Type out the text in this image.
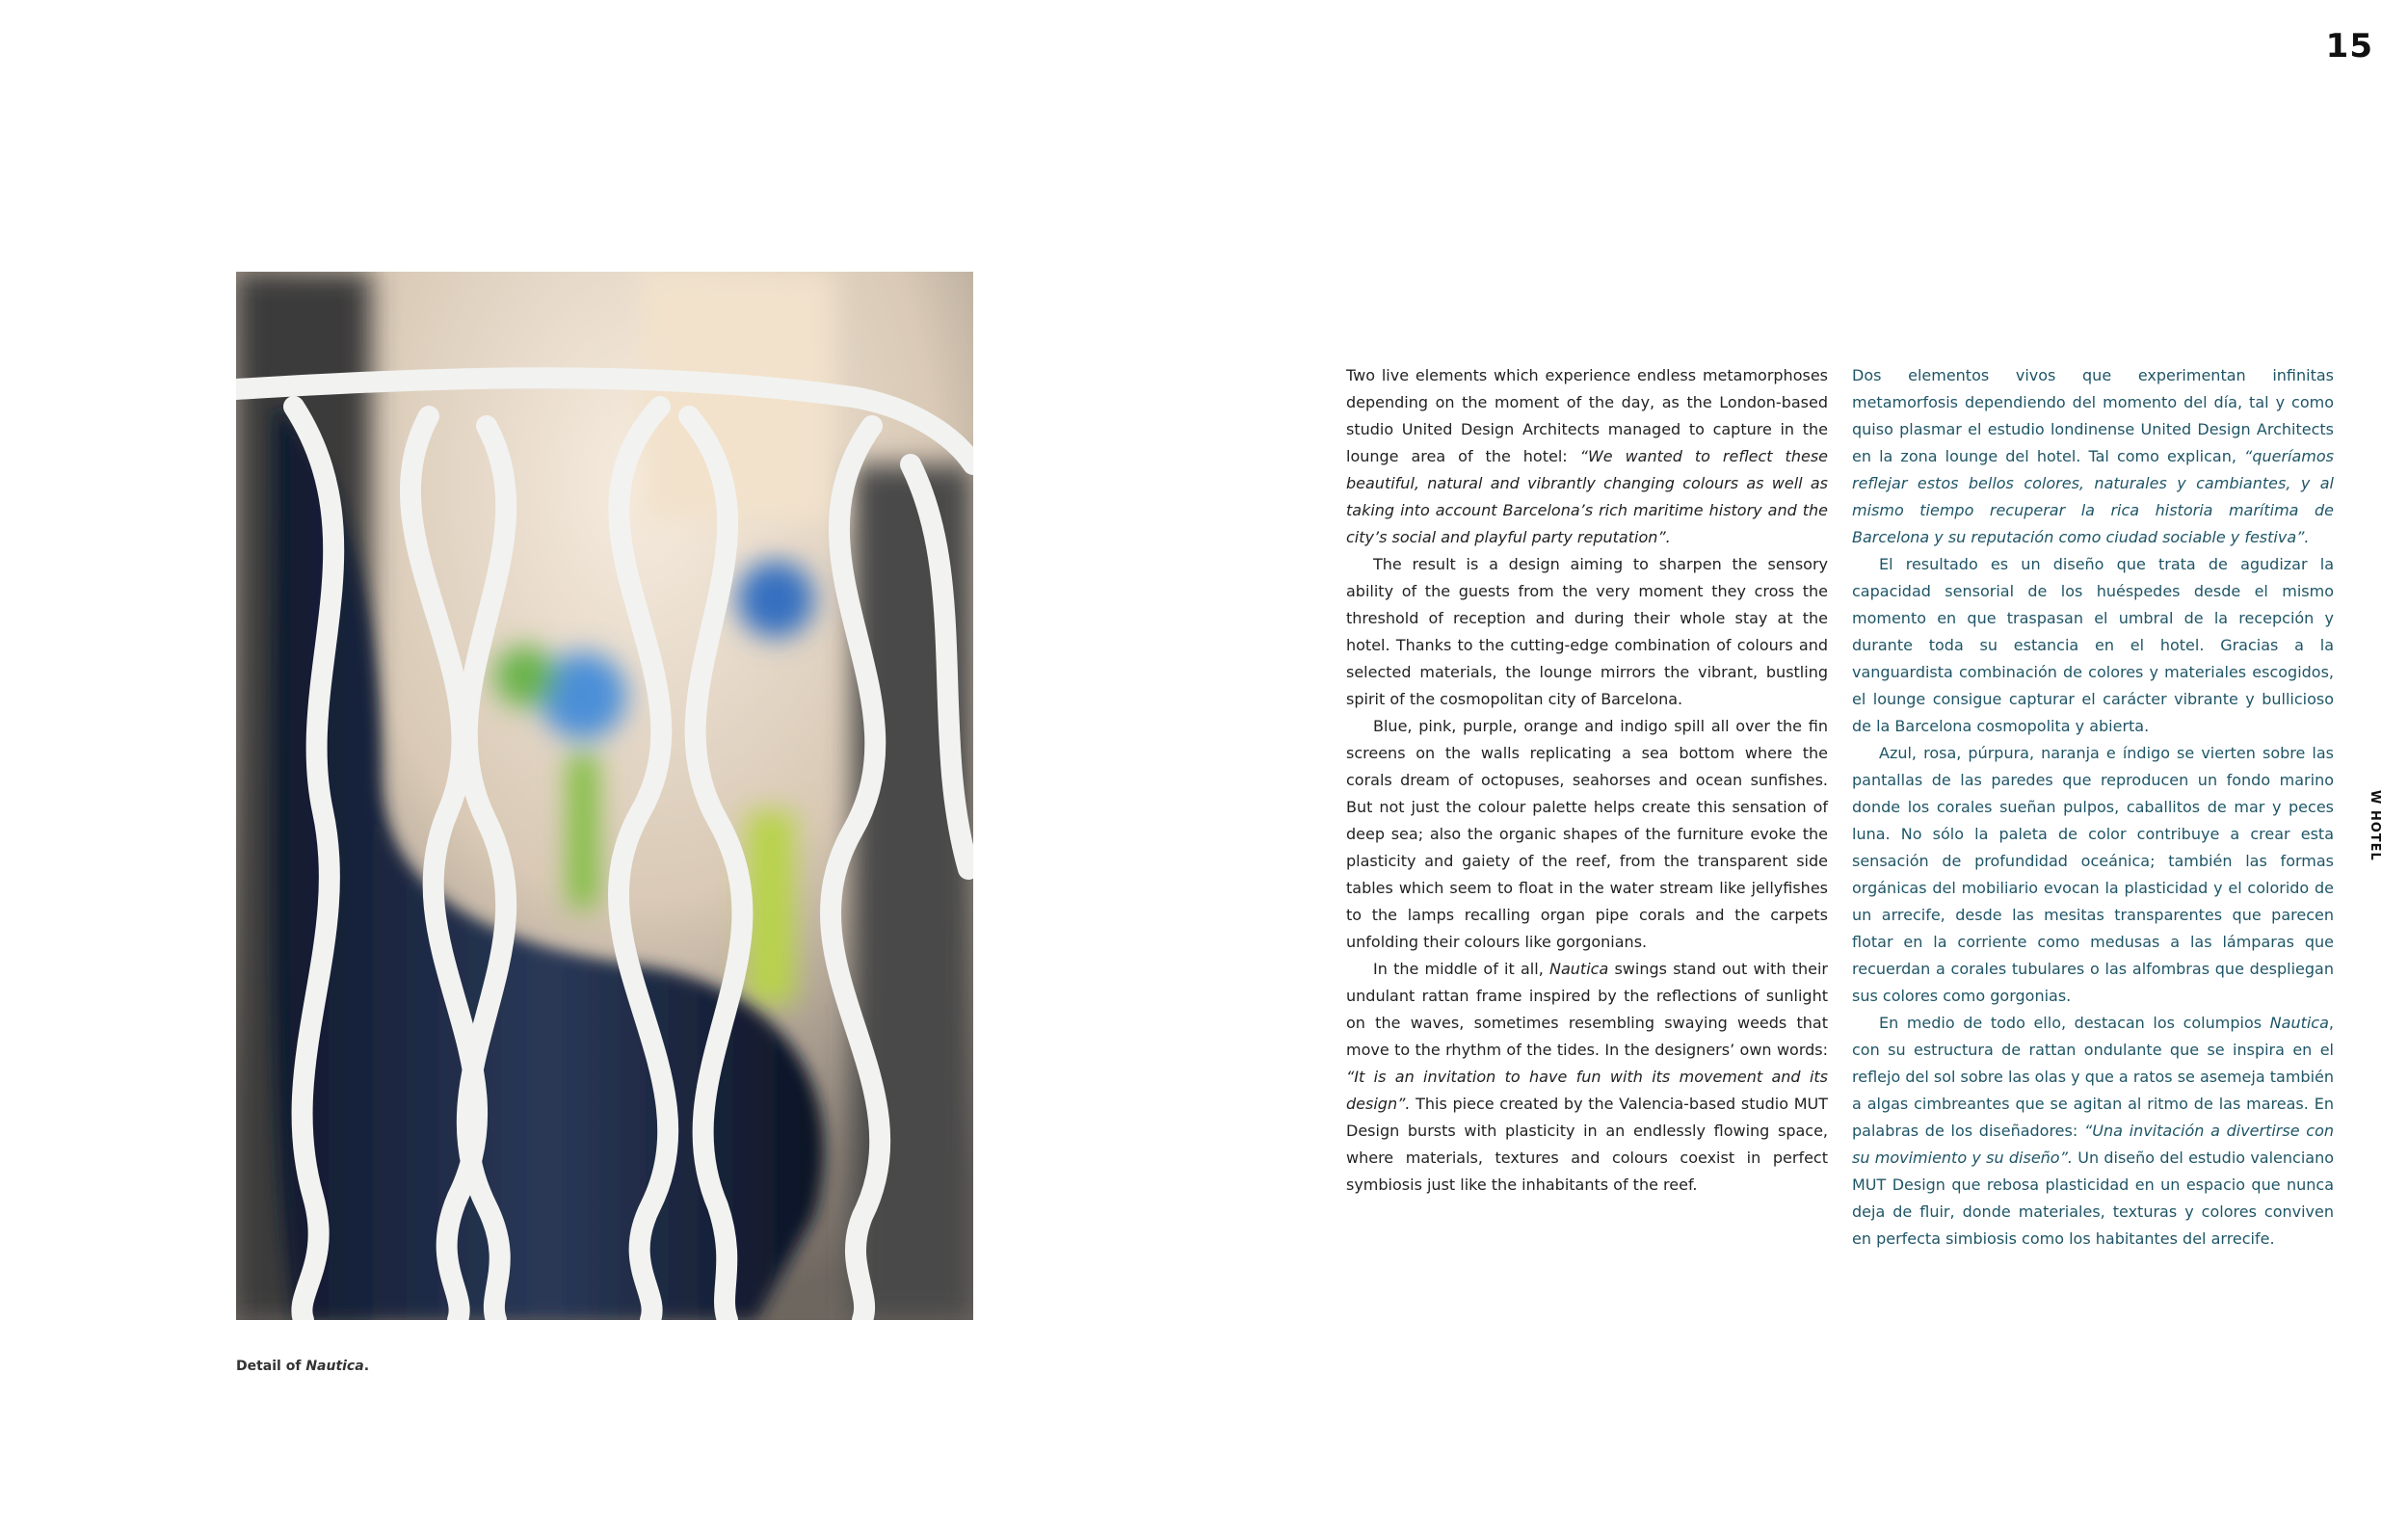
15
W HOTEL
Detail of Nautica.

Two live elements which experience endless metamorphoses depending on the moment of the day, as the London-based studio United Design Architects managed to capture in the lounge area of the hotel: “We wanted to reflect these beautiful, natural and vibrantly changing colours as well as taking into account Barcelona’s rich maritime history and the city’s social and playful party reputation”.

The result is a design aiming to sharpen the sensory ability of the guests from the very moment they cross the threshold of reception and during their whole stay at the hotel. Thanks to the cutting-edge combination of colours and selected materials, the lounge mirrors the vibrant, bustling spirit of the cosmopolitan city of Barcelona.

Blue, pink, purple, orange and indigo spill all over the fin screens on the walls replicating a sea bottom where the corals dream of octopuses, seahorses and ocean sunfishes. But not just the colour palette helps create this sensation of deep sea; also the organic shapes of the furniture evoke the plasticity and gaiety of the reef, from the transparent side tables which seem to float in the water stream like jellyfishes to the lamps recalling organ pipe corals and the carpets unfolding their colours like gorgonians.

In the middle of it all, Nautica swings stand out with their undulant rattan frame inspired by the reflections of sunlight on the waves, sometimes resembling swaying weeds that move to the rhythm of the tides. In the designers’ own words: “It is an invitation to have fun with its movement and its design”. This piece created by the Valencia-based studio MUT Design bursts with plasticity in an endlessly flowing space, where materials, textures and colours coexist in perfect symbiosis just like the inhabitants of the reef.

Dos elementos vivos que experimentan infinitas metamorfosis dependiendo del momento del día, tal y como quiso plasmar el estudio londinense United Design Architects en la zona lounge del hotel. Tal como explican, “queríamos reflejar estos bellos colores, naturales y cambiantes, y al mismo tiempo recuperar la rica historia marítima de Barcelona y su reputación como ciudad sociable y festiva”.

El resultado es un diseño que trata de agudizar la capacidad sensorial de los huéspedes desde el mismo momento en que traspasan el umbral de la recepción y durante toda su estancia en el hotel. Gracias a la vanguardista combinación de colores y materiales escogidos, el lounge consigue capturar el carácter vibrante y bullicioso de la Barcelona cosmopolita y abierta.

Azul, rosa, púrpura, naranja e índigo se vierten sobre las pantallas de las paredes que reproducen un fondo marino donde los corales sueñan pulpos, caballitos de mar y peces luna. No sólo la paleta de color contribuye a crear esta sensación de profundidad oceánica; también las formas orgánicas del mobiliario evocan la plasticidad y el colorido de un arrecife, desde las mesitas transparentes que parecen flotar en la corriente como medusas a las lámparas que recuerdan a corales tubulares o las alfombras que despliegan sus colores como gorgonias.

En medio de todo ello, destacan los columpios Nautica, con su estructura de rattan ondulante que se inspira en el reflejo del sol sobre las olas y que a ratos se asemeja también a algas cimbreantes que se agitan al ritmo de las mareas. En palabras de los diseñadores: “Una invitación a divertirse con su movimiento y su diseño”. Un diseño del estudio valenciano MUT Design que rebosa plasticidad en un espacio que nunca deja de fluir, donde materiales, texturas y colores conviven en perfecta simbiosis como los habitantes del arrecife.
